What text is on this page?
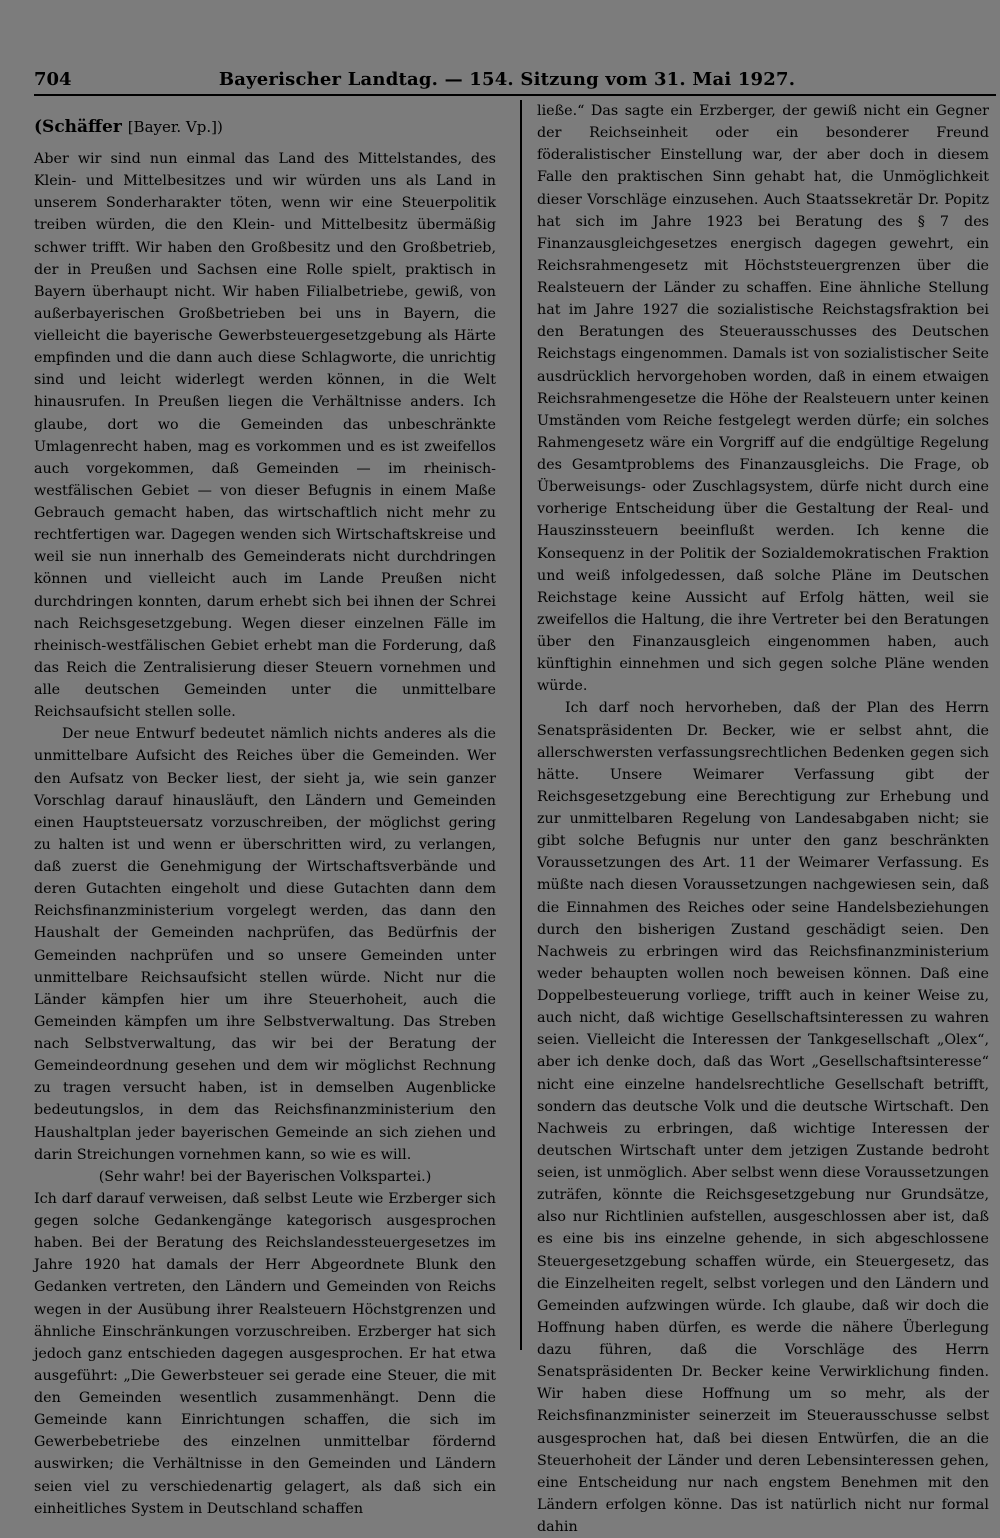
704	Bayerischer Landtag. — 154. Sitzung vom 31. Mai 1927.
(Schäffer [Bayer. Vp.])

Aber wir sind nun einmal das Land des Mittelstandes, des Klein- und Mittelbesitzes und wir würden uns als Land in unserem Sonderharakter töten, wenn wir eine Steuerpolitik treiben würden, die den Klein- und Mittelbesitz übermäßig schwer trifft. Wir haben den Großbesitz und den Großbetrieb, der in Preußen und Sachsen eine Rolle spielt, praktisch in Bayern überhaupt nicht. Wir haben Filialbetriebe, gewiß, von außerbayerischen Großbetrieben bei uns in Bayern, die vielleicht die bayerische Gewerbsteuergesetzgebung als Härte empfinden und die dann auch diese Schlagworte, die unrichtig sind und leicht widerlegt werden können, in die Welt hinausrufen. In Preußen liegen die Verhältnisse anders. Ich glaube, dort wo die Gemeinden das unbeschränkte Umlagenrecht haben, mag es vorkommen und es ist zweifellos auch vorgekommen, daß Gemeinden — im rheinisch-westfälischen Gebiet — von dieser Befugnis in einem Maße Gebrauch gemacht haben, das wirtschaftlich nicht mehr zu rechtfertigen war. Dagegen wenden sich Wirtschaftskreise und weil sie nun innerhalb des Gemeinderats nicht durchdringen können und vielleicht auch im Lande Preußen nicht durchdringen konnten, darum erhebt sich bei ihnen der Schrei nach Reichsgesetzgebung. Wegen dieser einzelnen Fälle im rheinisch-westfälischen Gebiet erhebt man die Forderung, daß das Reich die Zentralisierung dieser Steuern vornehmen und alle deutschen Gemeinden unter die unmittelbare Reichsaufsicht stellen solle.

Der neue Entwurf bedeutet nämlich nichts anderes als die unmittelbare Aufsicht des Reiches über die Gemeinden. Wer den Aufsatz von Becker liest, der sieht ja, wie sein ganzer Vorschlag darauf hinausläuft, den Ländern und Gemeinden einen Hauptsteuersatz vorzuschreiben, der möglichst gering zu halten ist und wenn er überschritten wird, zu verlangen, daß zuerst die Genehmigung der Wirtschaftsverbände und deren Gutachten eingeholt und diese Gutachten dann dem Reichsfinanzministerium vorgelegt werden, das dann den Haushalt der Gemeinden nachprüfen, das Bedürfnis der Gemeinden nachprüfen und so unsere Gemeinden unter unmittelbare Reichsaufsicht stellen würde. Nicht nur die Länder kämpfen hier um ihre Steuerhoheit, auch die Gemeinden kämpfen um ihre Selbstverwaltung. Das Streben nach Selbstverwaltung, das wir bei der Beratung der Gemeindeordnung gesehen und dem wir möglichst Rechnung zu tragen versucht haben, ist in demselben Augenblicke bedeutungslos, in dem das Reichsfinanzministerium den Haushaltplan jeder bayerischen Gemeinde an sich ziehen und darin Streichungen vornehmen kann, so wie es will.

(Sehr wahr! bei der Bayerischen Volkspartei.)

Ich darf darauf verweisen, daß selbst Leute wie Erzberger sich gegen solche Gedankengänge kategorisch ausgesprochen haben. Bei der Beratung des Reichslandessteuergesetzes im Jahre 1920 hat damals der Herr Abgeordnete Blunk den Gedanken vertreten, den Ländern und Gemeinden von Reichs wegen in der Ausübung ihrer Realsteuern Höchstgrenzen und ähnliche Einschränkungen vorzuschreiben. Erzberger hat sich jedoch ganz entschieden dagegen ausgesprochen. Er hat etwa ausgeführt: „Die Gewerbsteuer sei gerade eine Steuer, die mit den Gemeinden wesentlich zusammenhängt. Denn die Gemeinde kann Einrichtungen schaffen, die sich im Gewerbebetriebe des einzelnen unmittelbar fördernd auswirken; die Verhältnisse in den Gemeinden und Ländern seien viel zu verschiedenartig gelagert, als daß sich ein einheitliches System in Deutschland schaffen

ließe.“ Das sagte ein Erzberger, der gewiß nicht ein Gegner der Reichseinheit oder ein besonderer Freund föderalistischer Einstellung war, der aber doch in diesem Falle den praktischen Sinn gehabt hat, die Unmöglichkeit dieser Vorschläge einzusehen. Auch Staatssekretär Dr. Popitz hat sich im Jahre 1923 bei Beratung des § 7 des Finanzausgleichgesetzes energisch dagegen gewehrt, ein Reichsrahmengesetz mit Höchststeuergrenzen über die Realsteuern der Länder zu schaffen. Eine ähnliche Stellung hat im Jahre 1927 die sozialistische Reichstagsfraktion bei den Beratungen des Steuerausschusses des Deutschen Reichstags eingenommen. Damals ist von sozialistischer Seite ausdrücklich hervorgehoben worden, daß in einem etwaigen Reichsrahmengesetze die Höhe der Realsteuern unter keinen Umständen vom Reiche festgelegt werden dürfe; ein solches Rahmengesetz wäre ein Vorgriff auf die endgültige Regelung des Gesamtproblems des Finanzausgleichs. Die Frage, ob Überweisungs- oder Zuschlagsystem, dürfe nicht durch eine vorherige Entscheidung über die Gestaltung der Real- und Hauszinssteuern beeinflußt werden. Ich kenne die Konsequenz in der Politik der Sozialdemokratischen Fraktion und weiß infolgedessen, daß solche Pläne im Deutschen Reichstage keine Aussicht auf Erfolg hätten, weil sie zweifellos die Haltung, die ihre Vertreter bei den Beratungen über den Finanzausgleich eingenommen haben, auch künftighin einnehmen und sich gegen solche Pläne wenden würde.

Ich darf noch hervorheben, daß der Plan des Herrn Senatspräsidenten Dr. Becker, wie er selbst ahnt, die allerschwersten verfassungsrechtlichen Bedenken gegen sich hätte. Unsere Weimarer Verfassung gibt der Reichsgesetzgebung eine Berechtigung zur Erhebung und zur unmittelbaren Regelung von Landesabgaben nicht; sie gibt solche Befugnis nur unter den ganz beschränkten Voraussetzungen des Art. 11 der Weimarer Verfassung. Es müßte nach diesen Voraussetzungen nachgewiesen sein, daß die Einnahmen des Reiches oder seine Handelsbeziehungen durch den bisherigen Zustand geschädigt seien. Den Nachweis zu erbringen wird das Reichsfinanzministerium weder behaupten wollen noch beweisen können. Daß eine Doppelbesteuerung vorliege, trifft auch in keiner Weise zu, auch nicht, daß wichtige Gesellschaftsinteressen zu wahren seien. Vielleicht die Interessen der Tankgesellschaft „Olex“, aber ich denke doch, daß das Wort „Gesellschaftsinteresse“ nicht eine einzelne handelsrechtliche Gesellschaft betrifft, sondern das deutsche Volk und die deutsche Wirtschaft. Den Nachweis zu erbringen, daß wichtige Interessen der deutschen Wirtschaft unter dem jetzigen Zustande bedroht seien, ist unmöglich. Aber selbst wenn diese Voraussetzungen zuträfen, könnte die Reichsgesetzgebung nur Grundsätze, also nur Richtlinien aufstellen, ausgeschlossen aber ist, daß es eine bis ins einzelne gehende, in sich abgeschlossene Steuergesetzgebung schaffen würde, ein Steuergesetz, das die Einzelheiten regelt, selbst vorlegen und den Ländern und Gemeinden aufzwingen würde. Ich glaube, daß wir doch die Hoffnung haben dürfen, es werde die nähere Überlegung dazu führen, daß die Vorschläge des Herrn Senatspräsidenten Dr. Becker keine Verwirklichung finden. Wir haben diese Hoffnung um so mehr, als der Reichsfinanzminister seinerzeit im Steuerausschusse selbst ausgesprochen hat, daß bei diesen Entwürfen, die an die Steuerhoheit der Länder und deren Lebensinteressen gehen, eine Entscheidung nur nach engstem Benehmen mit den Ländern erfolgen könne. Das ist natürlich nicht nur formal dahin
